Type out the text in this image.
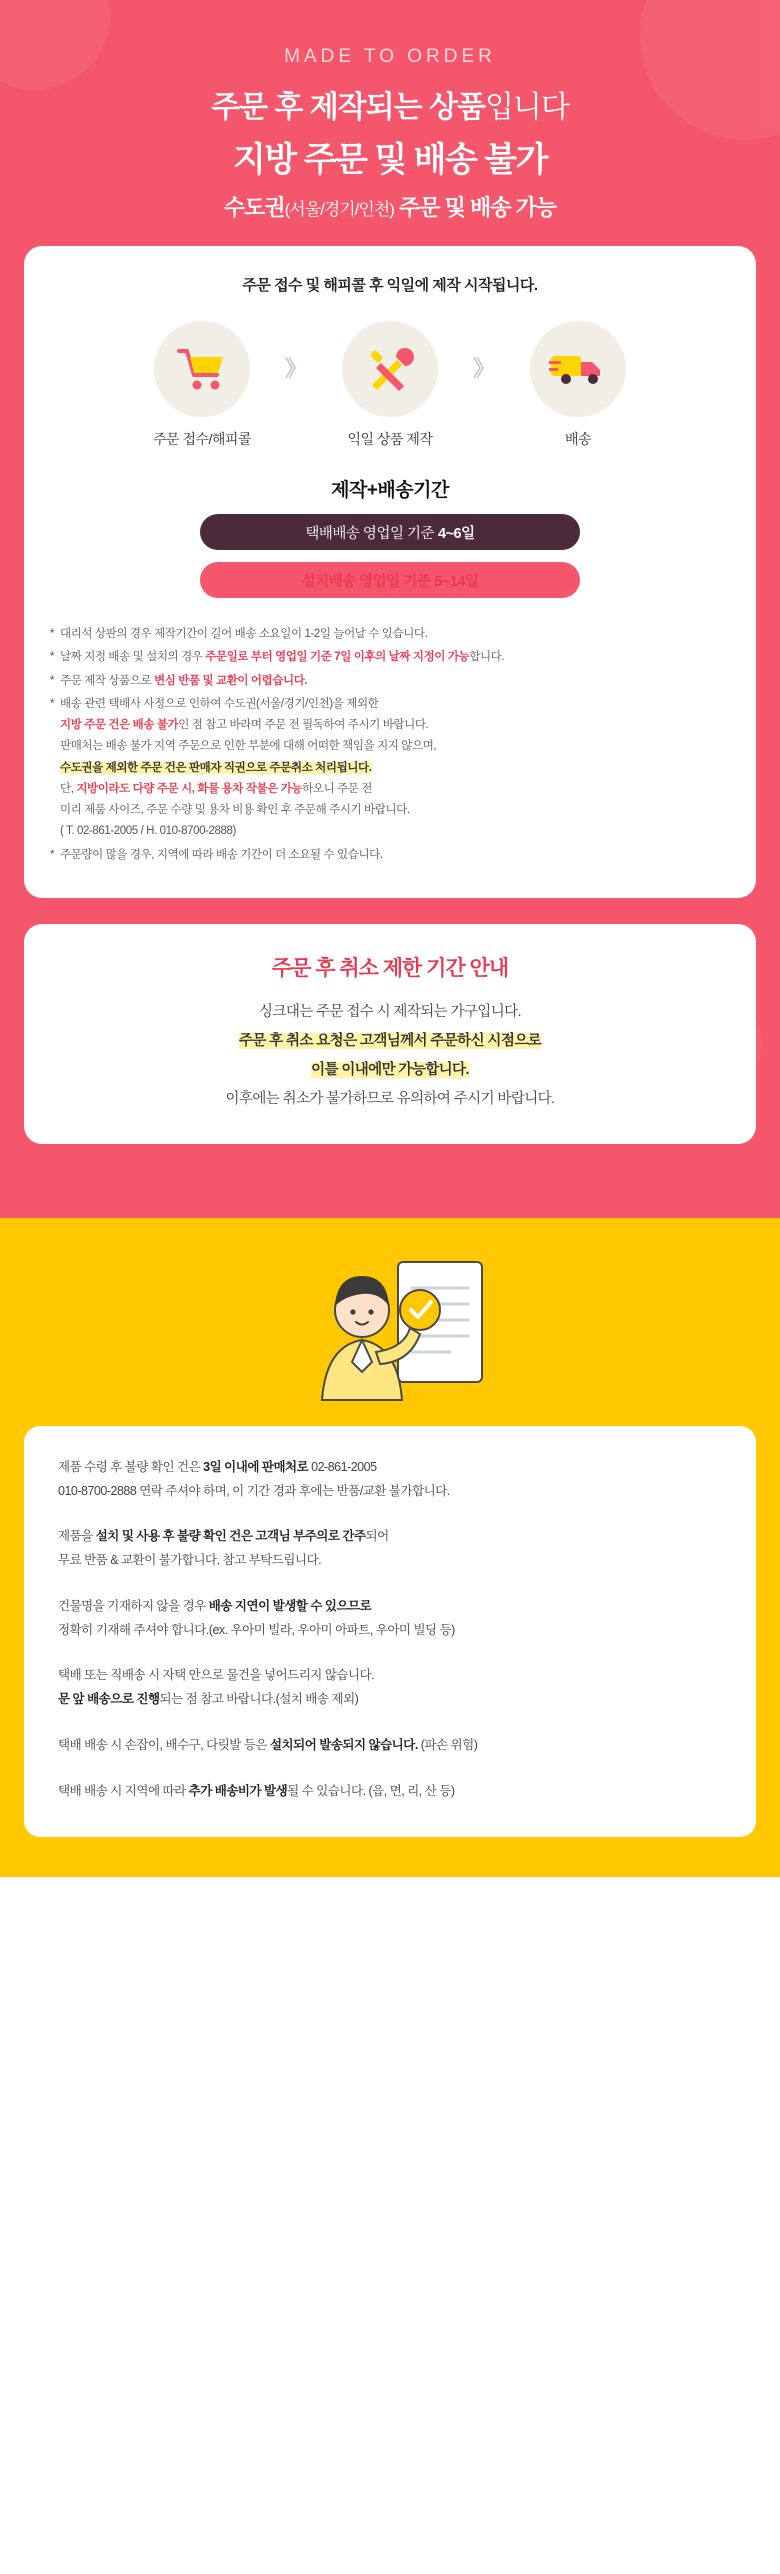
MADE TO ORDER
주문 후 제작되는 상품입니다
지방 주문 및 배송 불가
수도권(서울/경기/인천) 주문 및 배송 가능
주문 접수 및 해피콜 후 익일에 제작 시작됩니다.
주문 접수/해피콜
》
익일 상품 제작
》
배송
제작+배송기간
택배배송 영업일 기준 4~6일
설치배송 영업일 기준 5~14일
* 대리석 상판의 경우 제작기간이 길어 배송 소요일이 1-2일 늘어날 수 있습니다.
* 날짜 지정 배송 및 설치의 경우 주문일로 부터 영업일 기준 7일 이후의 날짜 지정이 가능합니다.
* 주문 제작 상품으로 변심 반품 및 교환이 어렵습니다.
* 배송 관련 택배사 사정으로 인하여 수도권(서울/경기/인천)을 제외한
지방 주문 건은 배송 불가인 점 참고 바라며 주문 전 필독하여 주시기 바랍니다.
판매처는 배송 불가 지역 주문으로 인한 부분에 대해 어떠한 책임을 지지 않으며,
수도권을 제외한 주문 건은 판매자 직권으로 주문취소 처리됩니다.
단, 지방이라도 다량 주문 시, 화물 용차 작불은 가능하오니 주문 전
미리 제품 사이즈, 주문 수량 및 용차 비용 확인 후 주문해 주시기 바랍니다.
( T. 02-861-2005 / H. 010-8700-2888)
* 주문량이 많을 경우, 지역에 따라 배송 기간이 더 소요될 수 있습니다.
주문 후 취소 제한 기간 안내
싱크대는 주문 접수 시 제작되는 가구입니다.
주문 후 취소 요청은 고객님께서 주문하신 시점으로
이틀 이내에만 가능합니다.
이후에는 취소가 불가하므로 유의하여 주시기 바랍니다.
제품 수령 후 불량 확인 건은 3일 이내에 판매처로 02-861-2005
010-8700-2888 연락 주셔야 하며, 이 기간 경과 후에는 반품/교환 불가합니다.
제품을 설치 및 사용 후 불량 확인 건은 고객님 부주의로 간주되어
무료 반품 & 교환이 불가합니다. 참고 부탁드립니다.
건물명을 기재하지 않을 경우 배송 지연이 발생할 수 있으므로
정확히 기재해 주셔야 합니다.(ex. 우아미 빌라, 우아미 아파트, 우아미 빌딩 등)
택배 또는 직배송 시 자택 안으로 물건을 넣어드리지 않습니다.
문 앞 배송으로 진행되는 점 참고 바랍니다.(설치 배송 제외)
택배 배송 시 손잡이, 배수구, 다릿발 등은 설치되어 발송되지 않습니다. (파손 위험)
택배 배송 시 지역에 따라 추가 배송비가 발생될 수 있습니다. (읍, 면, 리, 산 등)
